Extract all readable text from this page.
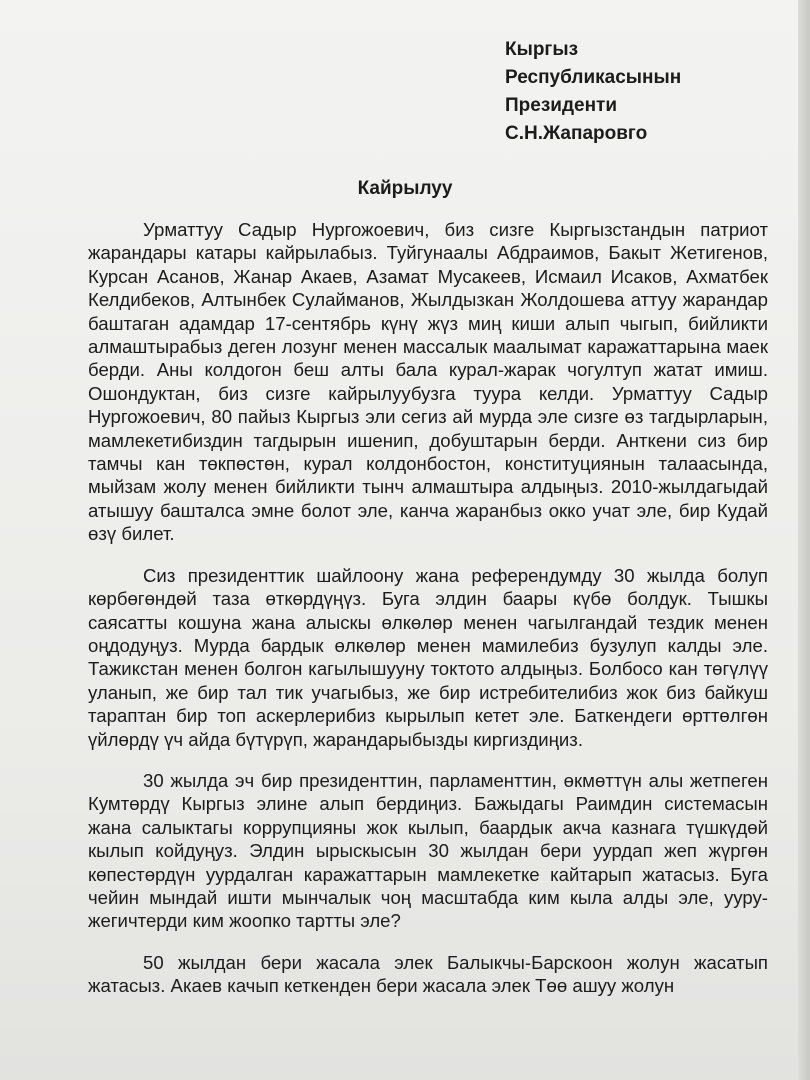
Кыргыз
Республикасынын
Президенти
С.Н.Жапаровго
Кайрылуу

Урматтуу Садыр Нургожоевич, биз сизге Кыргызстандын патриот жарандары катары кайрылабыз. Туйгунаалы Абдраимов, Бакыт Жетигенов, Курсан Асанов, Жанар Акаев, Азамат Мусакеев, Исмаил Исаков, Ахматбек Келдибеков, Алтынбек Сулайманов, Жылдызкан Жолдошева аттуу жарандар баштаган адамдар 17-сентябрь күнү жүз миң киши алып чыгып, бийликти алмаштырабыз деген лозунг менен массалык маалымат каражаттарына маек берди. Аны колдогон беш алты бала курал-жарак чогултуп жатат имиш. Ошондуктан, биз сизге кайрылуубузга туура келди. Урматтуу Садыр Нургожоевич, 80 пайыз Кыргыз эли сегиз ай мурда эле сизге өз тагдырларын, мамлекетибиздин тагдырын ишенип, добуштарын берди. Анткени сиз бир тамчы кан төкпөстөн, курал колдонбостон, конституциянын талаасында, мыйзам жолу менен бийликти тынч алмаштыра алдыңыз. 2010-жылдагыдай атышуу башталса эмне болот эле, канча жаранбыз окко учат эле, бир Кудай өзү билет.

Сиз президенттик шайлоону жана референдумду 30 жылда болуп көрбөгөндөй таза өткөрдүңүз. Буга элдин баары күбө болдук. Тышкы саясатты кошуна жана алыскы өлкөлөр менен чагылгандай тездик менен оңдодуңуз. Мурда бардык өлкөлөр менен мамилебиз бузулуп калды эле. Тажикстан менен болгон кагылышууну токтото алдыңыз. Болбосо кан төгүлүү уланып, же бир тал тик учагыбыз, же бир истребителибиз жок биз байкуш тараптан бир топ аскерлерибиз кырылып кетет эле. Баткендеги өрттөлгөн үйлөрдү үч айда бүтүрүп, жарандарыбызды киргиздиңиз.

30 жылда эч бир президенттин, парламенттин, өкмөттүн алы жетпеген Кумтөрдү Кыргыз элине алып бердиңиз. Бажыдагы Раимдин системасын жана салыктагы коррупцияны жок кылып, баардык акча казнага түшкүдөй кылып койдуңуз. Элдин ырыскысын 30 жылдан бери уурдап жеп жүргөн көпестөрдүн уурдалган каражаттарын мамлекетке кайтарып жатасыз. Буга чейин мындай ишти мынчалык чоң масштабда ким кыла алды эле, ууру-жегичтерди ким жоопко тартты эле?

50 жылдан бери жасала элек Балыкчы-Барскоон жолун жасатып жатасыз. Акаев качып кеткенден бери жасала элек Төө ашуу жолун
